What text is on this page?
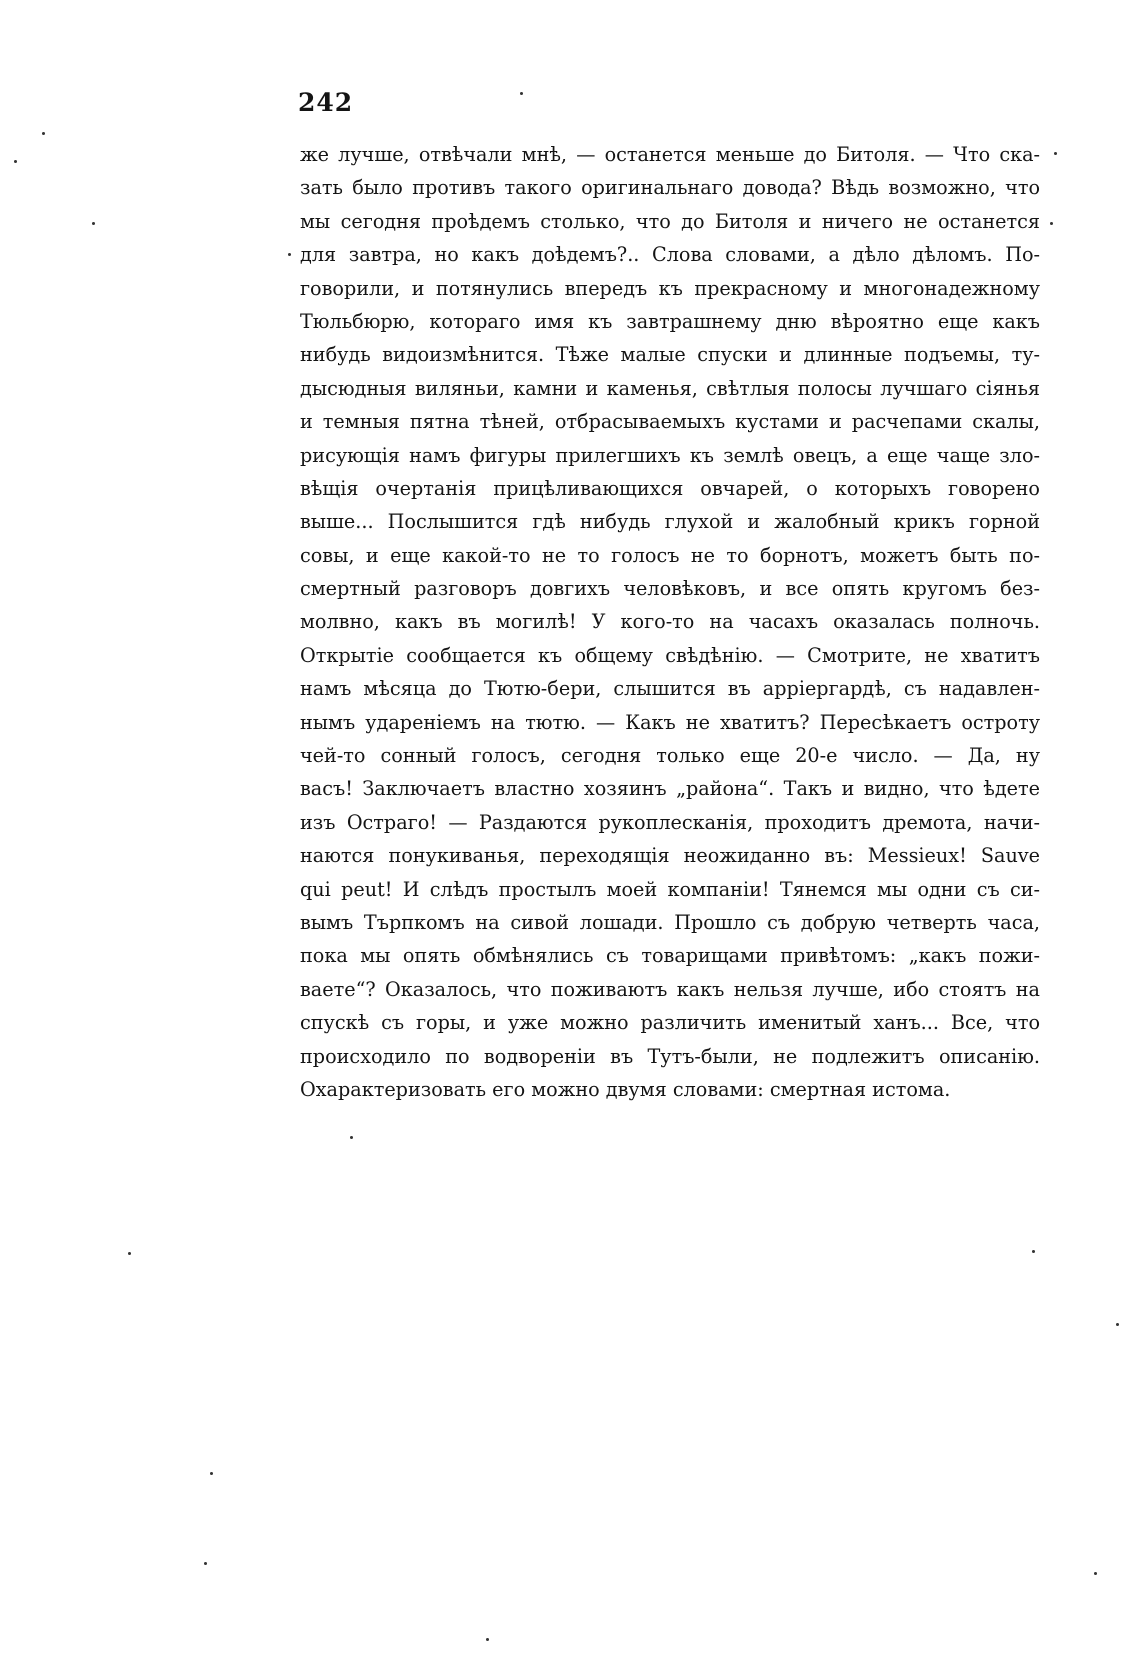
242
же лучше, отвѣчали мнѣ, — останется меньше до Битоля. — Что ска-
зать было противъ такого оригинальнаго довода? Вѣдь возможно, что
мы сегодня проѣдемъ столько, что до Битоля и ничего не останется
для завтра, но какъ доѣдемъ?.. Слова словами, а дѣло дѣломъ. По-
говорили, и потянулись впередъ къ прекрасному и многонадежному
Тюльбюрю, котораго имя къ завтрашнему дню вѣроятно еще какъ
нибудь видоизмѣнится. Тѣже малые спуски и длинные подъемы, ту-
дысюдныя виляньи, камни и каменья, свѣтлыя полосы лучшаго сіянья
и темныя пятна тѣней, отбрасываемыхъ кустами и расчепами скалы,
рисующія намъ фигуры прилегшихъ къ землѣ овецъ, а еще чаще зло-
вѣщія очертанія прицѣливающихся овчарей, о которыхъ говорено
выше... Послышится гдѣ нибудь глухой и жалобный крикъ горной
совы, и еще какой-то не то голосъ не то борнотъ, можетъ быть по-
смертный разговоръ довгихъ человѣковъ, и все опять кругомъ без-
молвно, какъ въ могилѣ! У кого-то на часахъ оказалась полночь.
Открытіе сообщается къ общему свѣдѣнію. — Смотрите, не хватитъ
намъ мѣсяца до Тютю-бери, слышится въ аррiергардѣ, съ надавлен-
нымъ удареніемъ на тютю. — Какъ не хватитъ? Пересѣкаетъ остроту
чей-то сонный голосъ, сегодня только еще 20-е число. — Да, ну
васъ! Заключаетъ властно хозяинъ „района“. Такъ и видно, что ѣдете
изъ Остраго! — Раздаются рукоплесканія, проходитъ дремота, начи-
наются понукиванья, переходящія неожиданно въ: Messieux! Sauve
qui peut! И слѣдъ простылъ моей компаніи! Тянемся мы одни съ си-
вымъ Търпкомъ на сивой лошади. Прошло съ добрую четверть часа,
пока мы опять обмѣнялись съ товарищами привѣтомъ: „какъ пожи-
ваете“? Оказалось, что поживаютъ какъ нельзя лучше, ибо стоятъ на
спускѣ съ горы, и уже можно различить именитый ханъ... Все, что
происходило по водвореніи въ Тутъ-были, не подлежитъ описанію.
Охарактеризовать его можно двумя словами: смертная истома.
